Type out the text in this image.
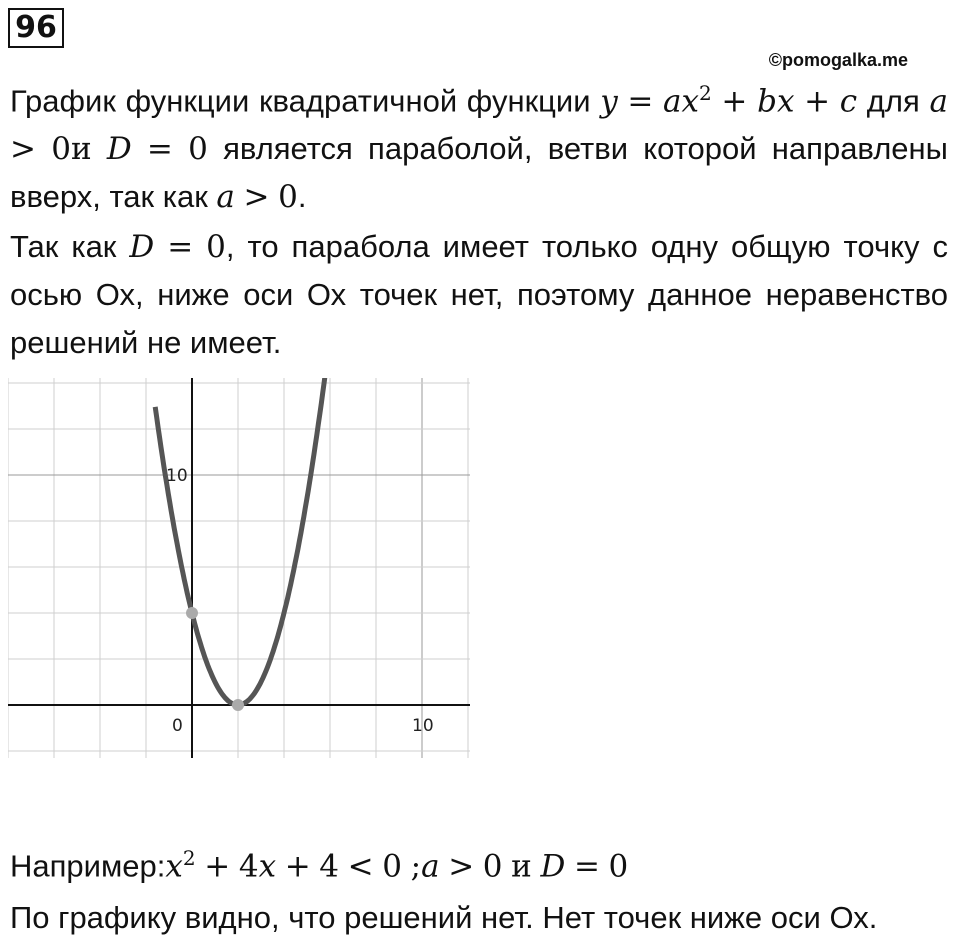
96
©pomogalka.me
График функции квадратичной функции $y = ax^2$ + bx + c для a > 0и D = 0 является параболой, ветви которой направлены вверх, так как a > 0.
Так как D = 0, то парабола имеет только одну общую точку с осью Ох, ниже оси Ох точек нет, поэтому данное неравенство решений не имеет.
0	10
10
$Например:x^2 + 4x + 4 < 0$ ;a > 0 и D = 0
По графику видно, что решений нет. Нет точек ниже оси Ох.
